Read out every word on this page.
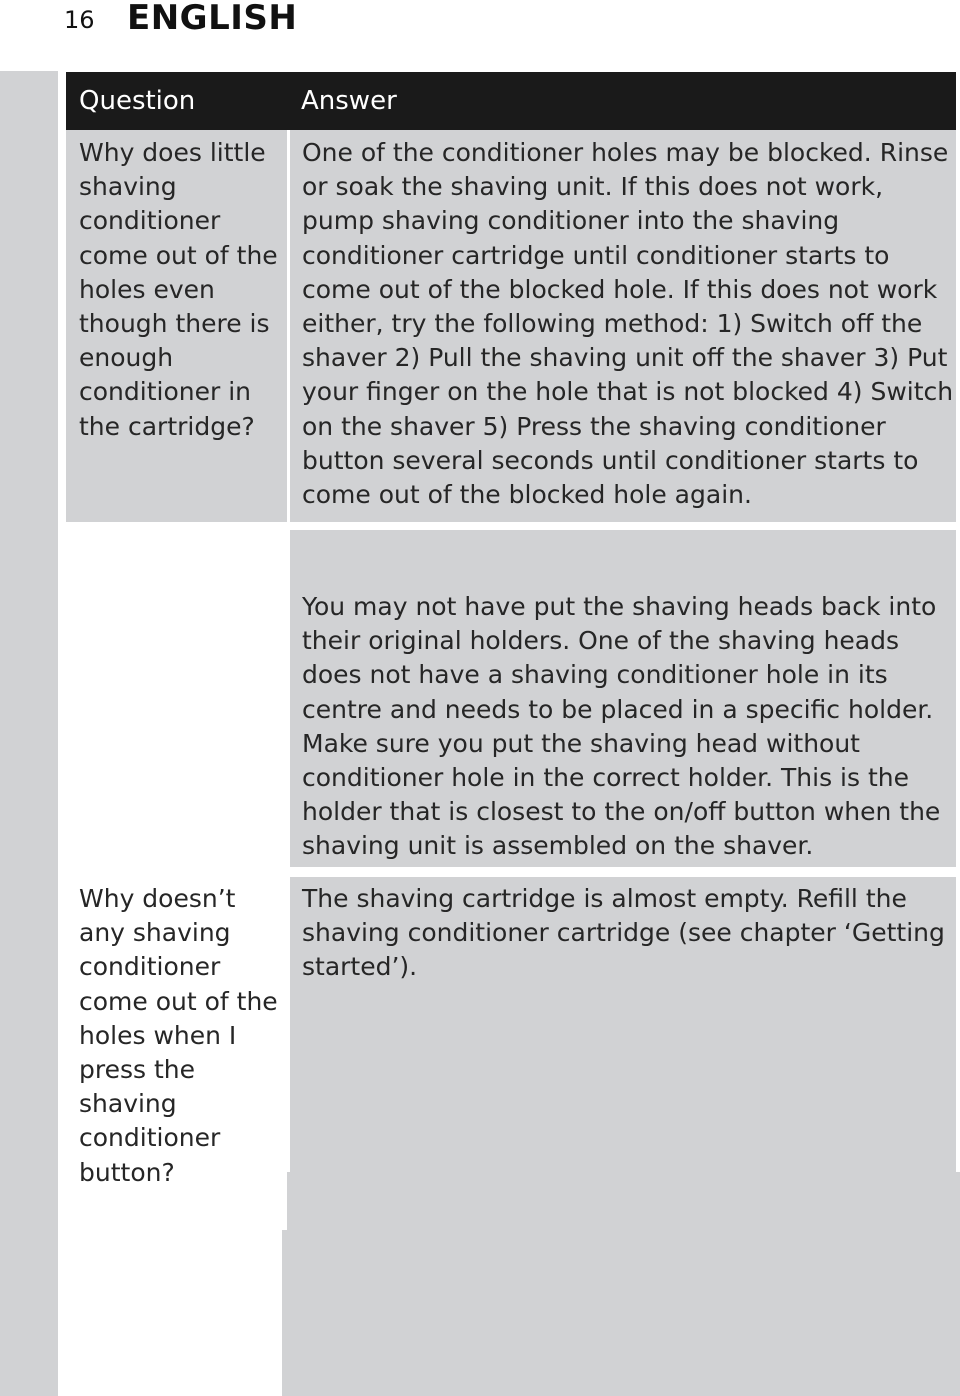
16 ENGLISH
Question	Answer
Why does little shaving conditioner come out of the holes even though there is enough conditioner in the cartridge?
One of the conditioner holes may be blocked. Rinse or soak the shaving unit. If this does not work, pump shaving conditioner into the shaving conditioner cartridge until conditioner starts to come out of the blocked hole. If this does not work either, try the following method: 1) Switch off the shaver 2) Pull the shaving unit off the shaver 3) Put your finger on the hole that is not blocked 4) Switch on the shaver 5) Press the shaving conditioner button several seconds until conditioner starts to come out of the blocked hole again.
Why doesn’t any shaving conditioner come out of the holes when I press the shaving conditioner button?
You may not have put the shaving heads back into their original holders. One of the shaving heads does not have a shaving conditioner hole in its centre and needs to be placed in a specific holder. Make sure you put the shaving head without conditioner hole in the correct holder. This is the holder that is closest to the on/off button when the shaving unit is assembled on the shaver.
The shaving cartridge is almost empty. Refill the shaving conditioner cartridge (see chapter ‘Getting started’).
